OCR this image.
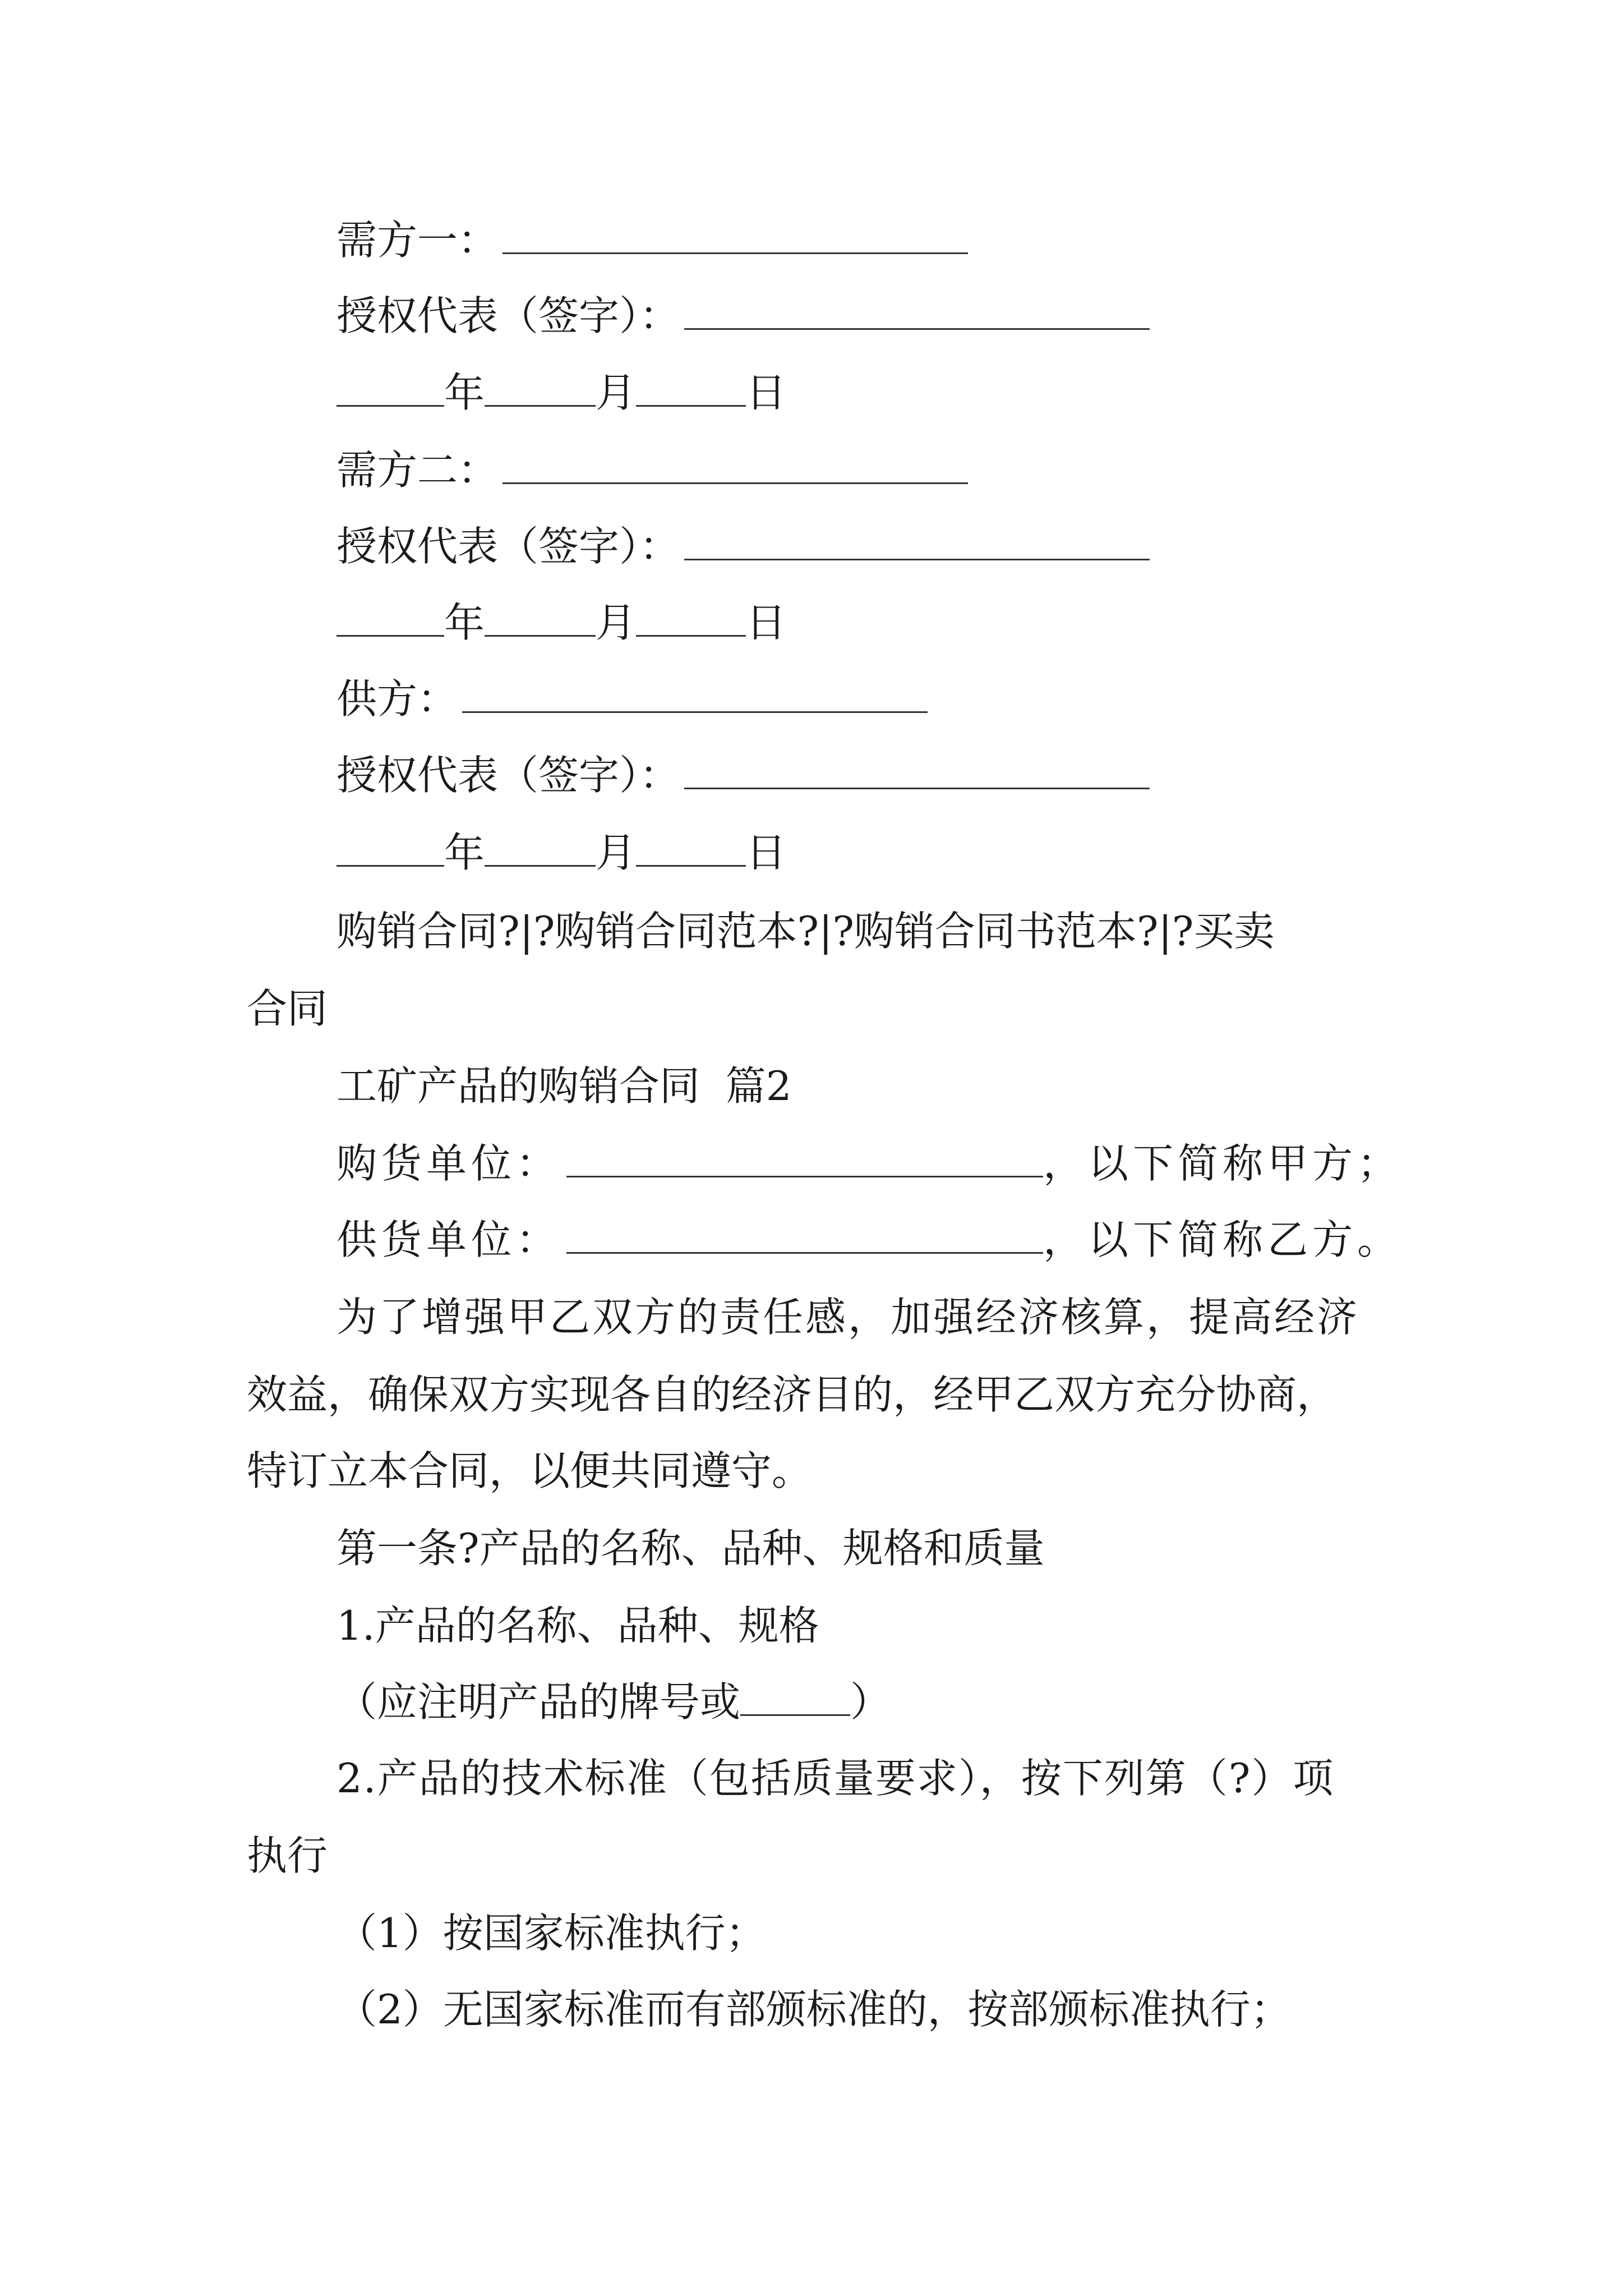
需方一：
授权代表（签字）：
年	月	日
需方二：
授权代表（签字）：
年	月	日
供方：
授权代表（签字）：
年	月	日
购销合同?|?购销合同范本?|?购销合同书范本?|?买卖
合同
工矿产品的购销合同  篇2
购货单位：	，以下简称甲方；
供货单位：	，以下简称乙方。
为了增强甲乙双方的责任感，加强经济核算，提高经济
效益，确保双方实现各自的经济目的，经甲乙双方充分协商，
特订立本合同，以便共同遵守。
第一条?产品的名称、品种、规格和质量
1.产品的名称、品种、规格
（应注明产品的牌号或	）
2.产品的技术标准（包括质量要求），按下列第（?）项
执行
（1）按国家标准执行；
（2）无国家标准而有部颁标准的，按部颁标准执行；
